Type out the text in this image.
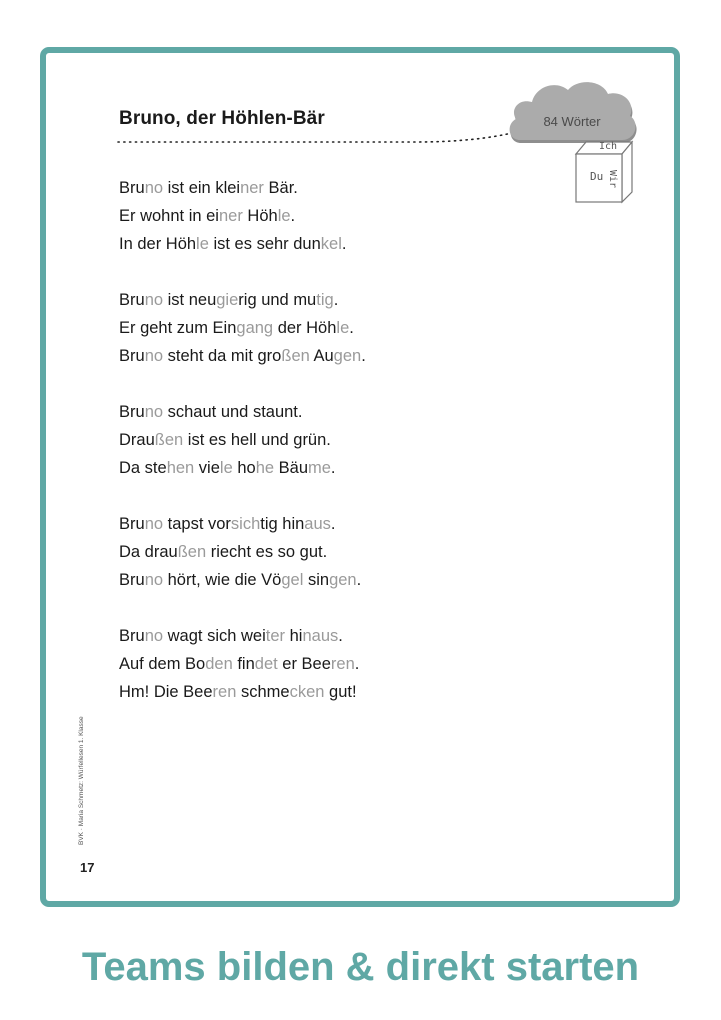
Bruno, der Höhlen-Bär	84 Wörter
Ich
Du Wir
Bruno ist ein kleiner Bär.
Er wohnt in einer Höhle.
In der Höhle ist es sehr dunkel.
Bruno ist neugierig und mutig.
Er geht zum Eingang der Höhle.
Bruno steht da mit großen Augen.
Bruno schaut und staunt.
Draußen ist es hell und grün.
Da stehen viele hohe Bäume.
Bruno tapst vorsichtig hinaus.
Da draußen riecht es so gut.
Bruno hört, wie die Vögel singen.
Bruno wagt sich weiter hinaus.
Auf dem Boden findet er Beeren.
Hm! Die Beeren schmecken gut!
BVK · Maria Schmetz: Würfellesen 1. Klasse
17
Teams bilden & direkt starten
